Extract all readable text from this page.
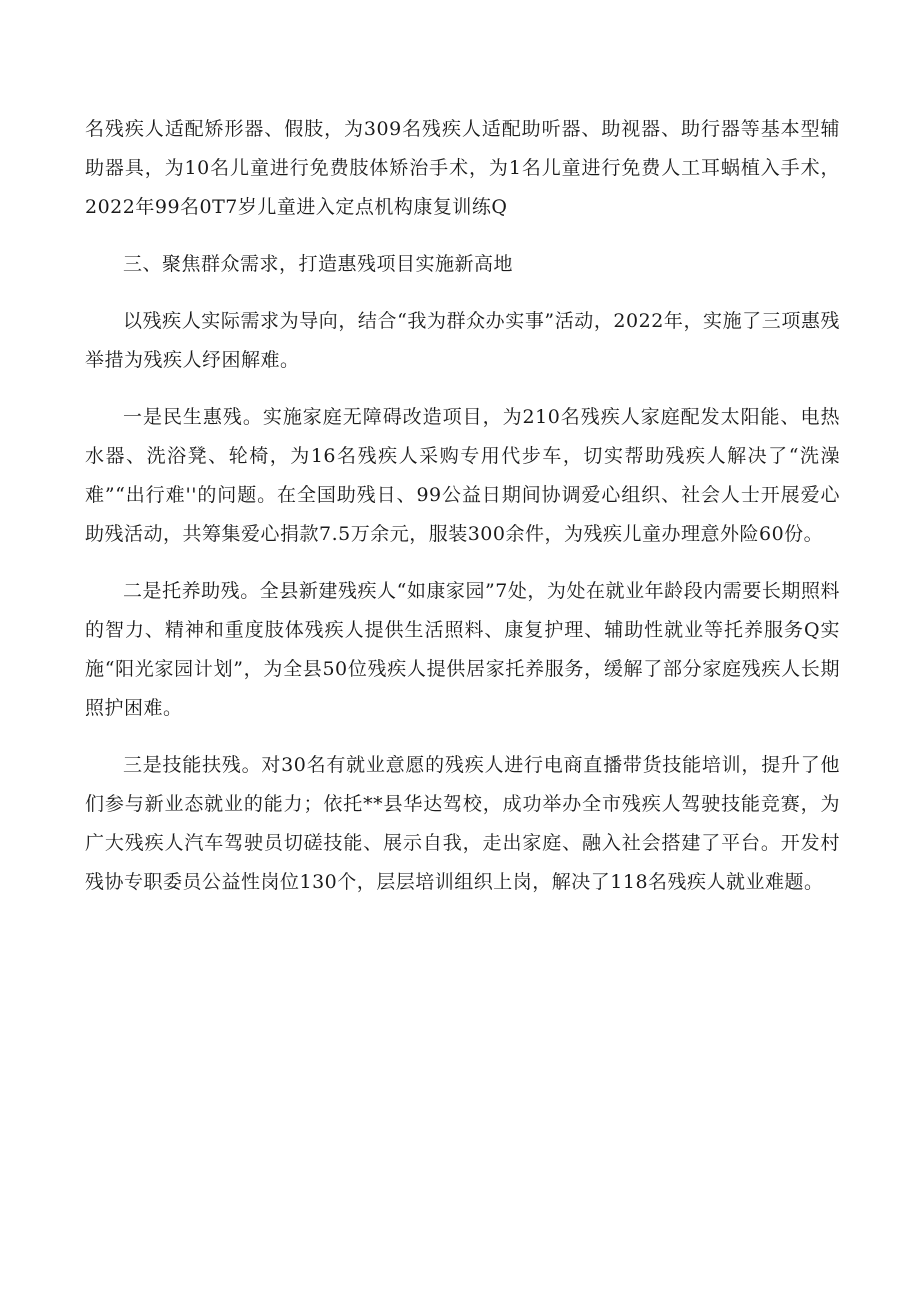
名残疾人适配矫形器、假肢，为309名残疾人适配助听器、助视器、助行器等基本型辅助器具，为10名儿童进行免费肢体矫治手术，为1名儿童进行免费人工耳蜗植入手术，2022年99名0T7岁儿童进入定点机构康复训练Q

三、聚焦群众需求，打造惠残项目实施新高地

以残疾人实际需求为导向，结合“我为群众办实事”活动，2022年，实施了三项惠残举措为残疾人纾困解难。

一是民生惠残。实施家庭无障碍改造项目，为210名残疾人家庭配发太阳能、电热水器、洗浴凳、轮椅，为16名残疾人采购专用代步车，切实帮助残疾人解决了“洗澡难”“出行难''的问题。在全国助残日、99公益日期间协调爱心组织、社会人士开展爱心助残活动，共筹集爱心捐款7.5万余元，服装300余件，为残疾儿童办理意外险60份。

二是托养助残。全县新建残疾人“如康家园”7处，为处在就业年龄段内需要长期照料的智力、精神和重度肢体残疾人提供生活照料、康复护理、辅助性就业等托养服务Q实施“阳光家园计划”，为全县50位残疾人提供居家托养服务，缓解了部分家庭残疾人长期照护困难。

三是技能扶残。对30名有就业意愿的残疾人进行电商直播带货技能培训，提升了他们参与新业态就业的能力；依托**县华达驾校，成功举办全市残疾人驾驶技能竞赛，为广大残疾人汽车驾驶员切磋技能、展示自我，走出家庭、融入社会搭建了平台。开发村残协专职委员公益性岗位130个，层层培训组织上岗，解决了118名残疾人就业难题。
